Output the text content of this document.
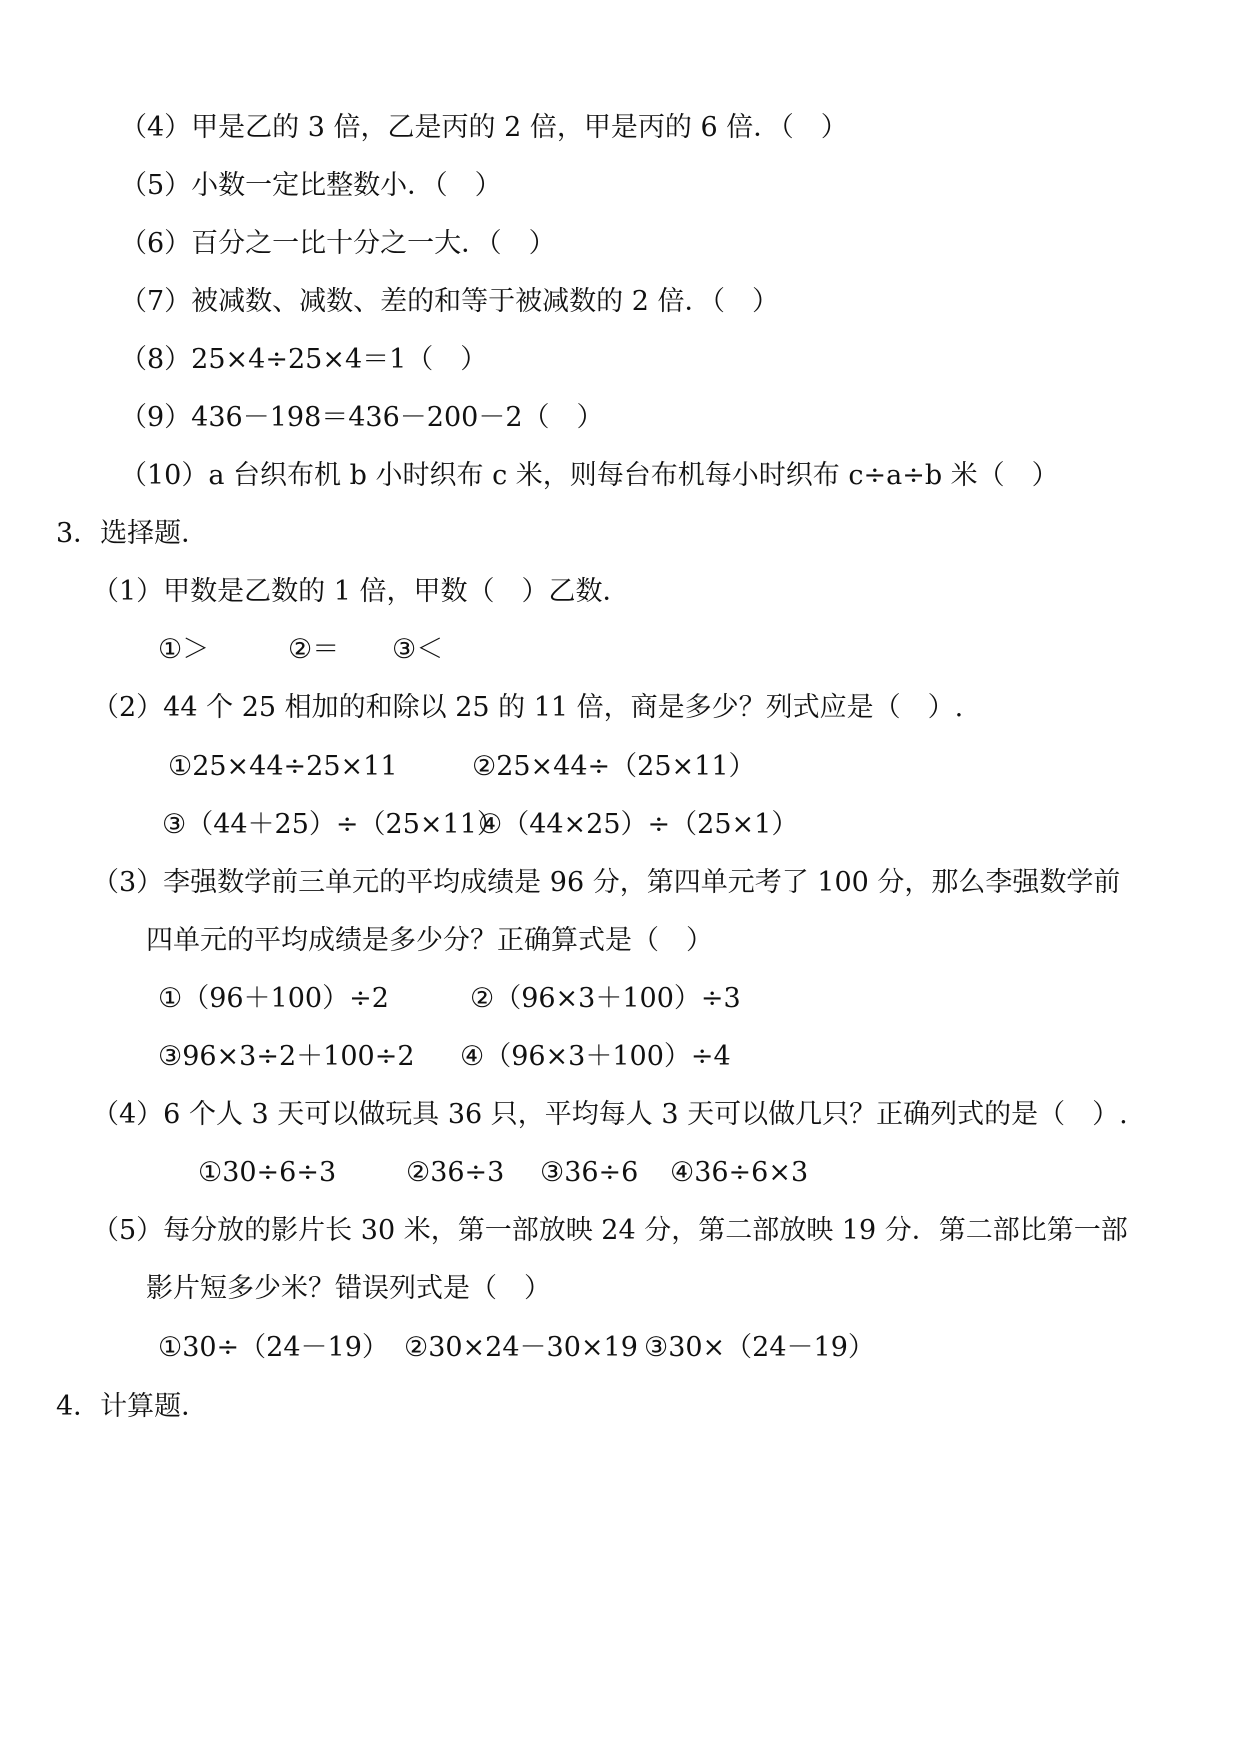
（4）甲是乙的 3 倍，乙是丙的 2 倍，甲是丙的 6 倍．（　）

（5）小数一定比整数小．（　）

（6）百分之一比十分之一大．（　）

（7）被减数、减数、差的和等于被减数的 2 倍．（　）

（8）25×4÷25×4＝1（　）

（9）436－198＝436－200－2（　）

（10）a 台织布机 b 小时织布 c 米，则每台布机每小时织布 c÷a÷b 米（　）

3．选择题．

（1）甲数是乙数的 1 倍，甲数（　）乙数．

①＞	②＝ ③＜

（2）44 个 25 相加的和除以 25 的 11 倍，商是多少？列式应是（　）.

①25×44÷25×11	②25×44÷（25×11）
③（44＋25）÷（25×11）
④（44×25）÷（25×1）

（3）李强数学前三单元的平均成绩是 96 分，第四单元考了 100 分，那么李强数学前

四单元的平均成绩是多少分？正确算式是（　）

①（96＋100）÷2	②（96×3＋100）÷3
③96×3÷2＋100÷2 ④（96×3＋100）÷4

（4）6 个人 3 天可以做玩具 36 只，平均每人 3 天可以做几只？正确列式的是（　）.

①30÷6÷3	②36÷3 ③36÷6 ④36÷6×3

（5）每分放的影片长 30 米，第一部放映 24 分，第二部放映 19 分．第二部比第一部

影片短多少米？错误列式是（　）

①30÷（24－19） ②30×24－30×19 ③30×（24－19）

4．计算题．
